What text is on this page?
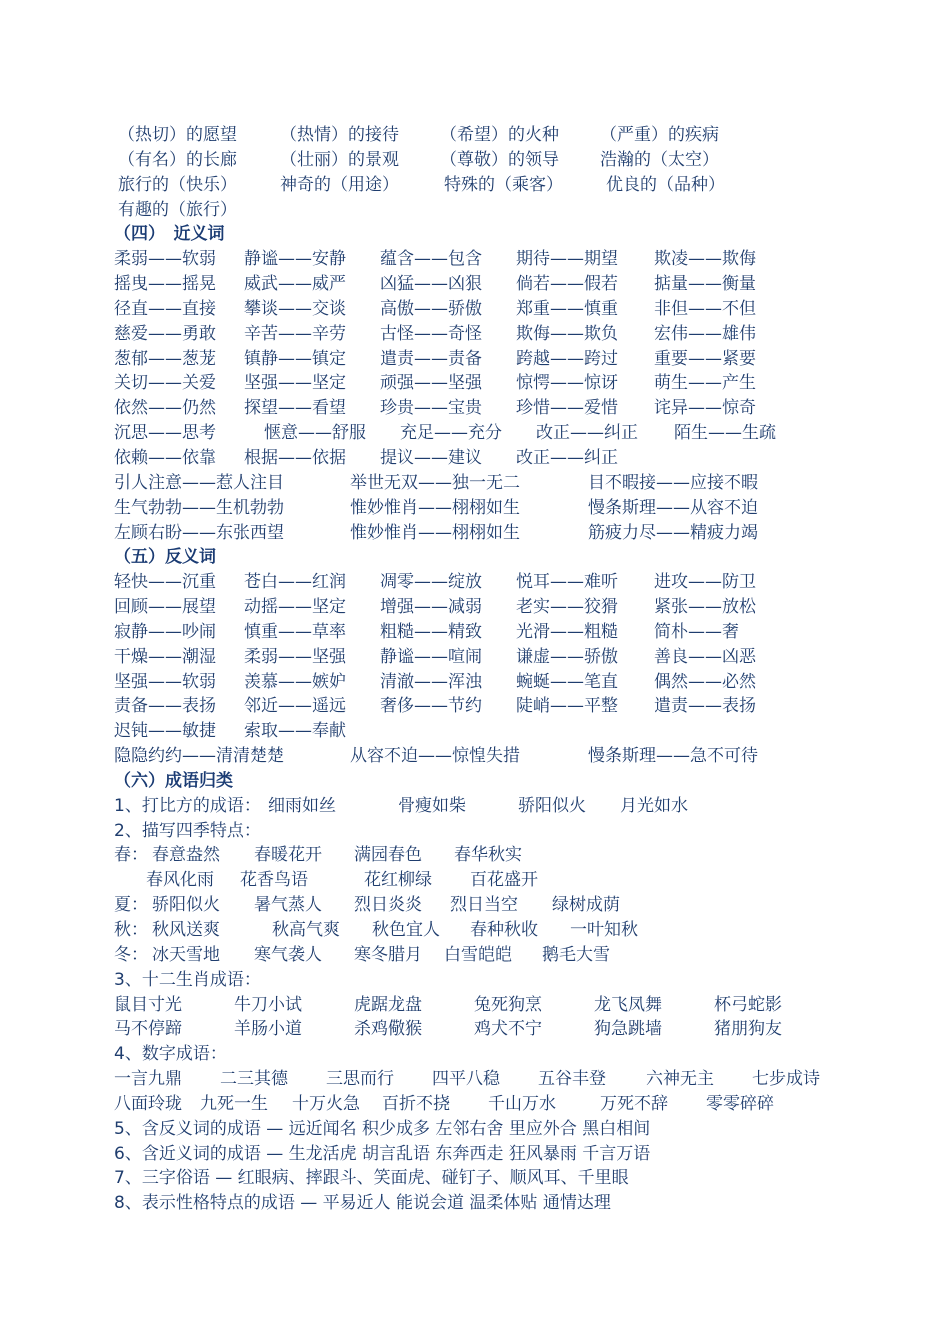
（热切）的愿望	（热情）的接待 （希望）的火种 （严重）的疾病
（有名）的长廊	（壮丽）的景观 （尊敬）的领导 浩瀚的（太空）
旅行的（快乐）	神奇的（用途）	特殊的（乘客）	优良的（品种）
有趣的（旅行）
（四）　近义词
柔弱——软弱 静谧——安静 蕴含——包含 期待——期望 欺凌——欺侮
摇曳——摇晃 威武——威严 凶猛——凶狠 倘若——假若 掂量——衡量
径直——直接 攀谈——交谈 高傲——骄傲 郑重——慎重 非但——不但
慈爱——勇敢 辛苦——辛劳 古怪——奇怪 欺侮——欺负 宏伟——雄伟
葱郁——葱茏 镇静——镇定 遣责——责备 跨越——跨过 重要——紧要
关切——关爱 坚强——坚定 顽强——坚强 惊愕——惊讶 萌生——产生
依然——仍然 探望——看望 珍贵——宝贵 珍惜——爱惜 诧异——惊奇
沉思——思考	惬意——舒服 充足——充分 改正——纠正 陌生——生疏
依赖——依靠 根据——依据 提议——建议 改正——纠正
引人注意——惹人注目	举世无双——独一无二	目不暇接——应接不暇
生气勃勃——生机勃勃	惟妙惟肖——栩栩如生	慢条斯理——从容不迫
左顾右盼——东张西望	惟妙惟肖——栩栩如生	筋疲力尽——精疲力竭
（五）反义词
轻快——沉重 苍白——红润 凋零——绽放 悦耳——难听 进攻——防卫
回顾——展望 动摇——坚定 增强——减弱 老实——狡猾 紧张——放松
寂静——吵闹 慎重——草率 粗糙——精致 光滑——粗糙 简朴——奢
干燥——潮湿 柔弱——坚强 静谧——喧闹 谦虚——骄傲 善良——凶恶
坚强——软弱 羡慕——嫉妒 清澈——浑浊 蜿蜒——笔直 偶然——必然
责备——表扬 邻近——遥远 奢侈——节约 陡峭——平整 遣责——表扬
迟钝——敏捷 索取——奉献
隐隐约约——清清楚楚	从容不迫——惊惶失措	慢条斯理——急不可待
（六）成语归类
1、打比方的成语： 细雨如丝	骨瘦如柴	骄阳似火 月光如水
2、描写四季特点：
春： 春意盎然 春暖花开 满园春色 春华秋实
春风化雨 花香鸟语	花红柳绿 百花盛开
夏： 骄阳似火 暑气蒸人 烈日炎炎 烈日当空 绿树成荫
秋： 秋风送爽	秋高气爽 秋色宜人 春种秋收 一叶知秋
冬： 冰天雪地 寒气袭人 寒冬腊月 白雪皑皑 鹅毛大雪
3、十二生肖成语：
鼠目寸光	牛刀小试	虎踞龙盘	兔死狗烹	龙飞凤舞	杯弓蛇影
马不停蹄	羊肠小道	杀鸡儆猴	鸡犬不宁	狗急跳墙	猪朋狗友
4、数字成语：
一言九鼎 二三其德 三思而行 四平八稳 五谷丰登 六神无主 七步成诗
八面玲珑 九死一生 十万火急 百折不挠 千山万水	万死不辞 零零碎碎
5、含反义词的成语 — 远近闻名 积少成多 左邻右舍 里应外合 黑白相间
6、含近义词的成语 — 生龙活虎 胡言乱语 东奔西走 狂风暴雨 千言万语
7、三字俗语 — 红眼病、摔跟斗、笑面虎、碰钉子、顺风耳、千里眼
8、表示性格特点的成语 — 平易近人 能说会道 温柔体贴 通情达理
